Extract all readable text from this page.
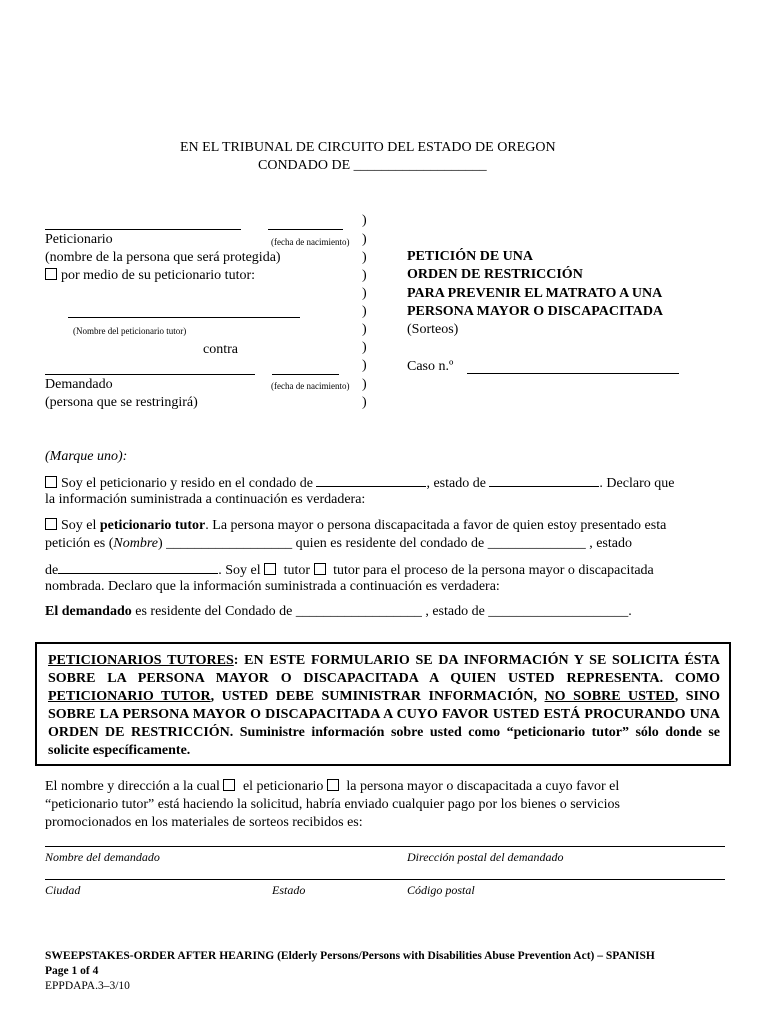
EN EL TRIBUNAL DE CIRCUITO DEL ESTADO DE OREGON
CONDADO DE ___________________
Peticionario	(fecha de nacimiento)
(nombre de la persona que será protegida)
por medio de su peticionario tutor:
(Nombre del peticionario tutor)
contra
Demandado	(fecha de nacimiento)
(persona que se restringirá)
)
)
)
)
)
)
)
)
)
)
)
PETICIÓN DE UNA
ORDEN DE RESTRICCIÓN
PARA PREVENIR EL MATRATO A UNA
PERSONA MAYOR O DISCAPACITADA
(Sorteos)
Caso n.º
(Marque uno):
Soy el peticionario y resido en el condado de	, estado de	. Declaro que
la información suministrada a continuación es verdadera:
Soy el peticionario tutor. La persona mayor o persona discapacitada a favor de quien estoy presentado esta
petición es (Nombre) __________________ quien es residente del condado de ______________ , estado
de	. Soy el  tutor  tutor para el proceso de la persona mayor o discapacitada
nombrada. Declaro que la información suministrada a continuación es verdadera:
El demandado es residente del Condado de __________________ , estado de ____________________.
PETICIONARIOS TUTORES: EN ESTE FORMULARIO SE DA INFORMACIÓN Y SE SOLICITA ÉSTA SOBRE LA PERSONA MAYOR O DISCAPACITADA A QUIEN USTED REPRESENTA. COMO PETICIONARIO TUTOR, USTED DEBE SUMINISTRAR INFORMACIÓN, NO SOBRE USTED, SINO SOBRE LA PERSONA MAYOR O DISCAPACITADA A CUYO FAVOR USTED ESTÁ PROCURANDO UNA ORDEN DE RESTRICCIÓN. Suministre información sobre usted como “peticionario tutor” sólo donde se solicite específicamente.
El nombre y dirección a la cual  el peticionario  la persona mayor o discapacitada a cuyo favor el
“peticionario tutor” está haciendo la solicitud, habría enviado cualquier pago por los bienes o servicios
promocionados en los materiales de sorteos recibidos es:
Nombre del demandado	Dirección postal del demandado
Ciudad	Estado	Código postal
SWEEPSTAKES-ORDER AFTER HEARING (Elderly Persons/Persons with Disabilities Abuse Prevention Act) – SPANISH
Page 1 of 4
EPPDAPA.3–3/10
